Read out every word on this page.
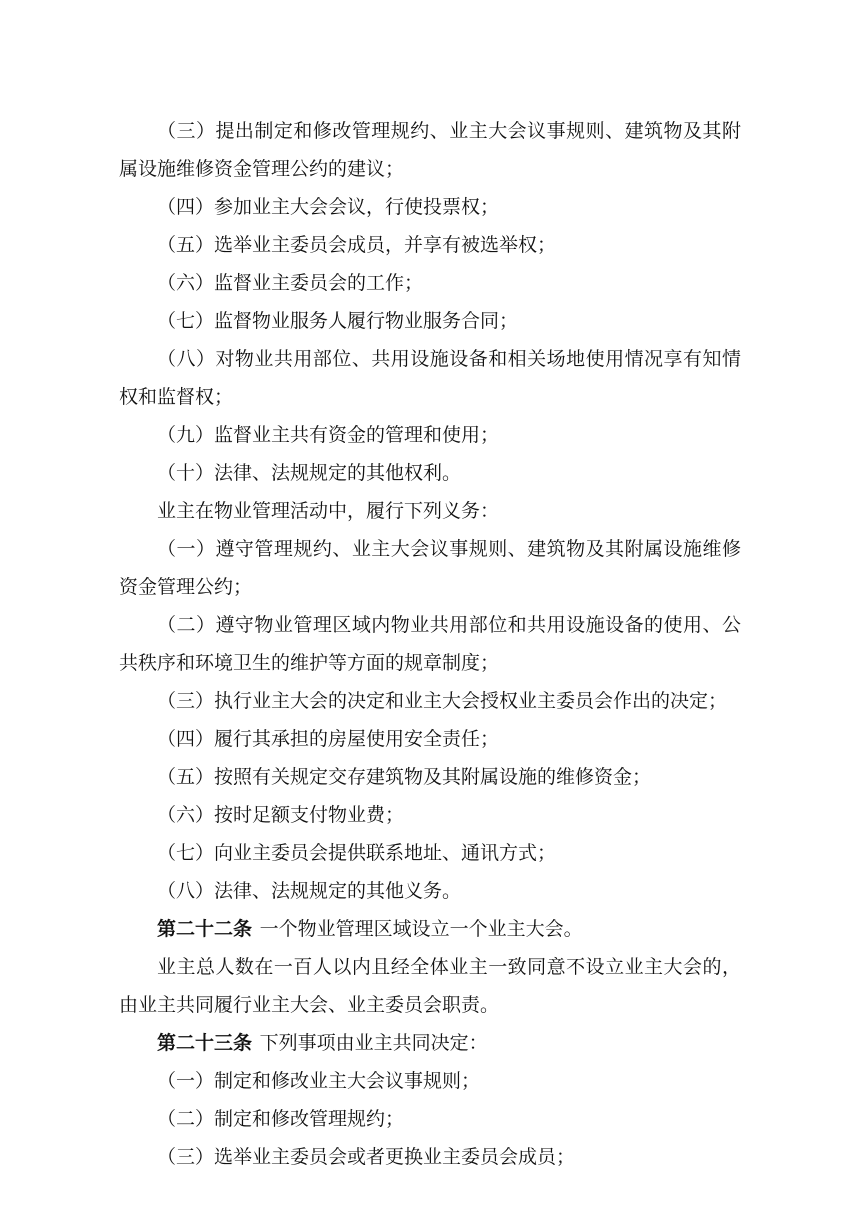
（三）提出制定和修改管理规约、业主大会议事规则、建筑物及其附属设施维修资金管理公约的建议；

（四）参加业主大会会议，行使投票权；

（五）选举业主委员会成员，并享有被选举权；

（六）监督业主委员会的工作；

（七）监督物业服务人履行物业服务合同；

（八）对物业共用部位、共用设施设备和相关场地使用情况享有知情权和监督权；

（九）监督业主共有资金的管理和使用；

（十）法律、法规规定的其他权利。

业主在物业管理活动中，履行下列义务：

（一）遵守管理规约、业主大会议事规则、建筑物及其附属设施维修资金管理公约；

（二）遵守物业管理区域内物业共用部位和共用设施设备的使用、公共秩序和环境卫生的维护等方面的规章制度；

（三）执行业主大会的决定和业主大会授权业主委员会作出的决定；

（四）履行其承担的房屋使用安全责任；

（五）按照有关规定交存建筑物及其附属设施的维修资金；

（六）按时足额支付物业费；

（七）向业主委员会提供联系地址、通讯方式；

（八）法律、法规规定的其他义务。

第二十二条 一个物业管理区域设立一个业主大会。

业主总人数在一百人以内且经全体业主一致同意不设立业主大会的，由业主共同履行业主大会、业主委员会职责。

第二十三条 下列事项由业主共同决定：

（一）制定和修改业主大会议事规则；

（二）制定和修改管理规约；

（三）选举业主委员会或者更换业主委员会成员；
